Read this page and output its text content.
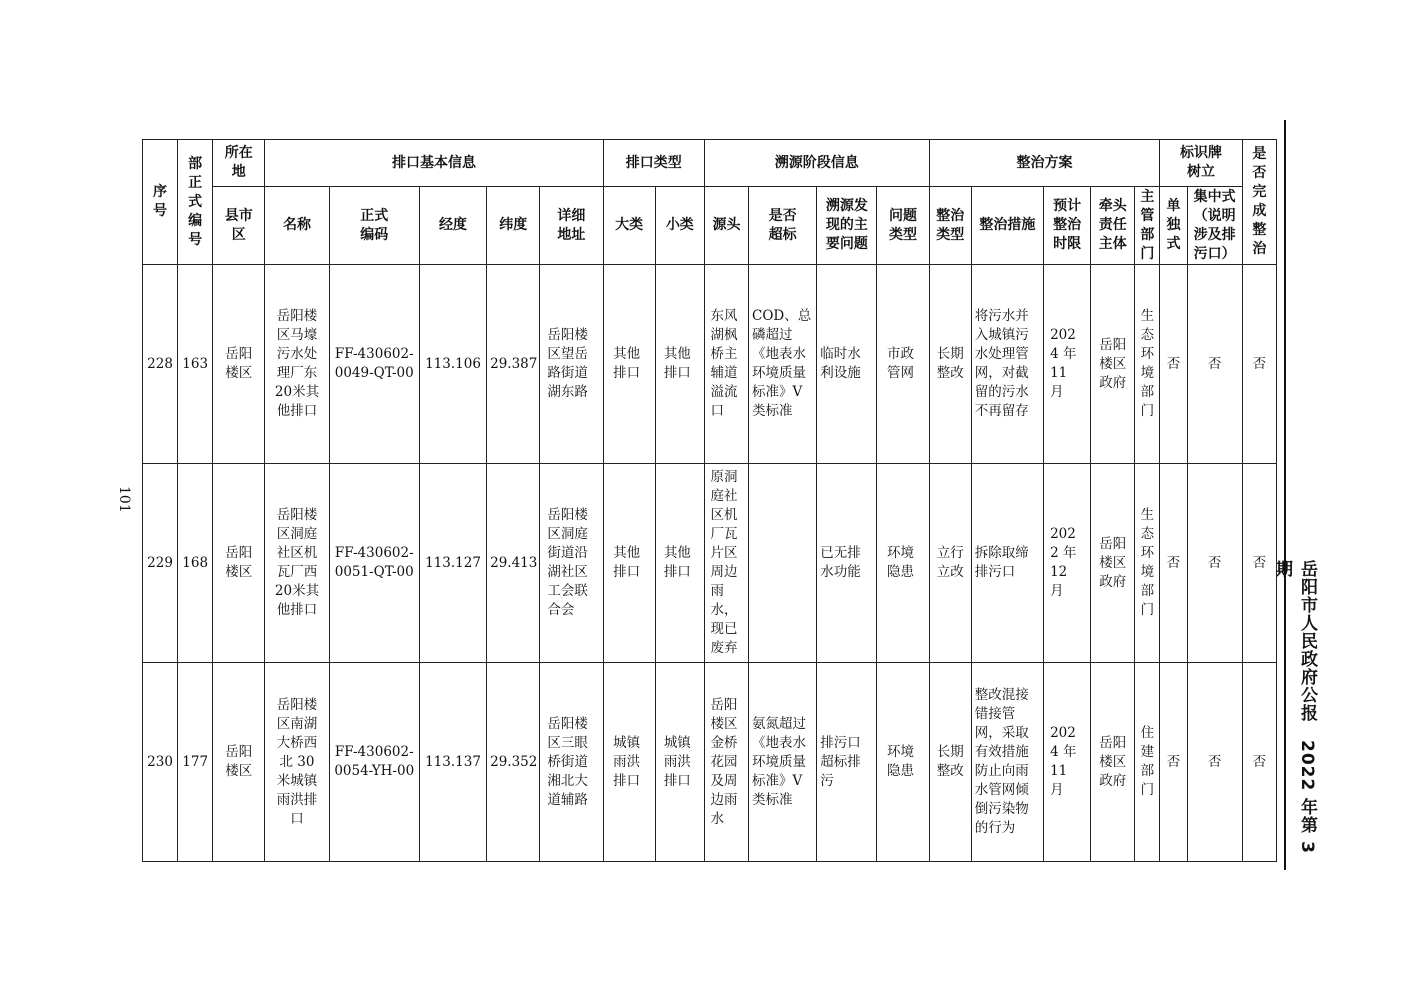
101
岳阳市人民政府公报　2022 年第 3 期
序号	部正式编号	所在地	排口基本信息					排口类型		溯源阶段信息				整治方案					标识牌树立		是否完成整治

		县市区	名称	正式编码	经度	纬度	详细地址	大类	小类	源头	是否超标	溯源发现的主要问题	问题类型	整治类型	整治措施	预计整治时限	牵头责任主体	主管部门	单独式	集中式（说明涉及排污口）	

228	163	岳阳楼区	岳阳楼区马壕污水处理厂东20米其他排口	FF-430602-0049-QT-00	113.106	29.387	岳阳楼区望岳路街道湖东路	其他排口	其他排口	东风湖枫桥主辅道溢流口	COD、总磷超过《地表水环境质量标准》V 类标准	临时水利设施	市政管网	长期整改	将污水并入城镇污水处理管网，对截留的污水不再留存	2024 年 11 月	岳阳楼区政府	生态环境部门	否	否	否
229	168	岳阳楼区	岳阳楼区洞庭社区机瓦厂西20米其他排口	FF-430602-0051-QT-00	113.127	29.413	岳阳楼区洞庭街道沿湖社区工会联合会	其他排口	其他排口	原洞庭社区机厂瓦片区周边雨水，现已废弃		已无排水功能	环境隐患	立行立改	拆除取缔排污口	2022 年 12 月	岳阳楼区政府	生态环境部门	否	否	否
230	177	岳阳楼区	岳阳楼区南湖大桥西北 30 米城镇雨洪排口	FF-430602-0054-YH-00	113.137	29.352	岳阳楼区三眼桥街道湘北大道辅路	城镇雨洪排口	城镇雨洪排口	岳阳楼区金桥花园及周边雨水	氨氮超过《地表水环境质量标准》V 类标准	排污口超标排污	环境隐患	长期整改	整改混接错接管网，采取有效措施防止向雨水管网倾倒污染物的行为	2024 年 11 月	岳阳楼区政府	住建部门	否	否	否
